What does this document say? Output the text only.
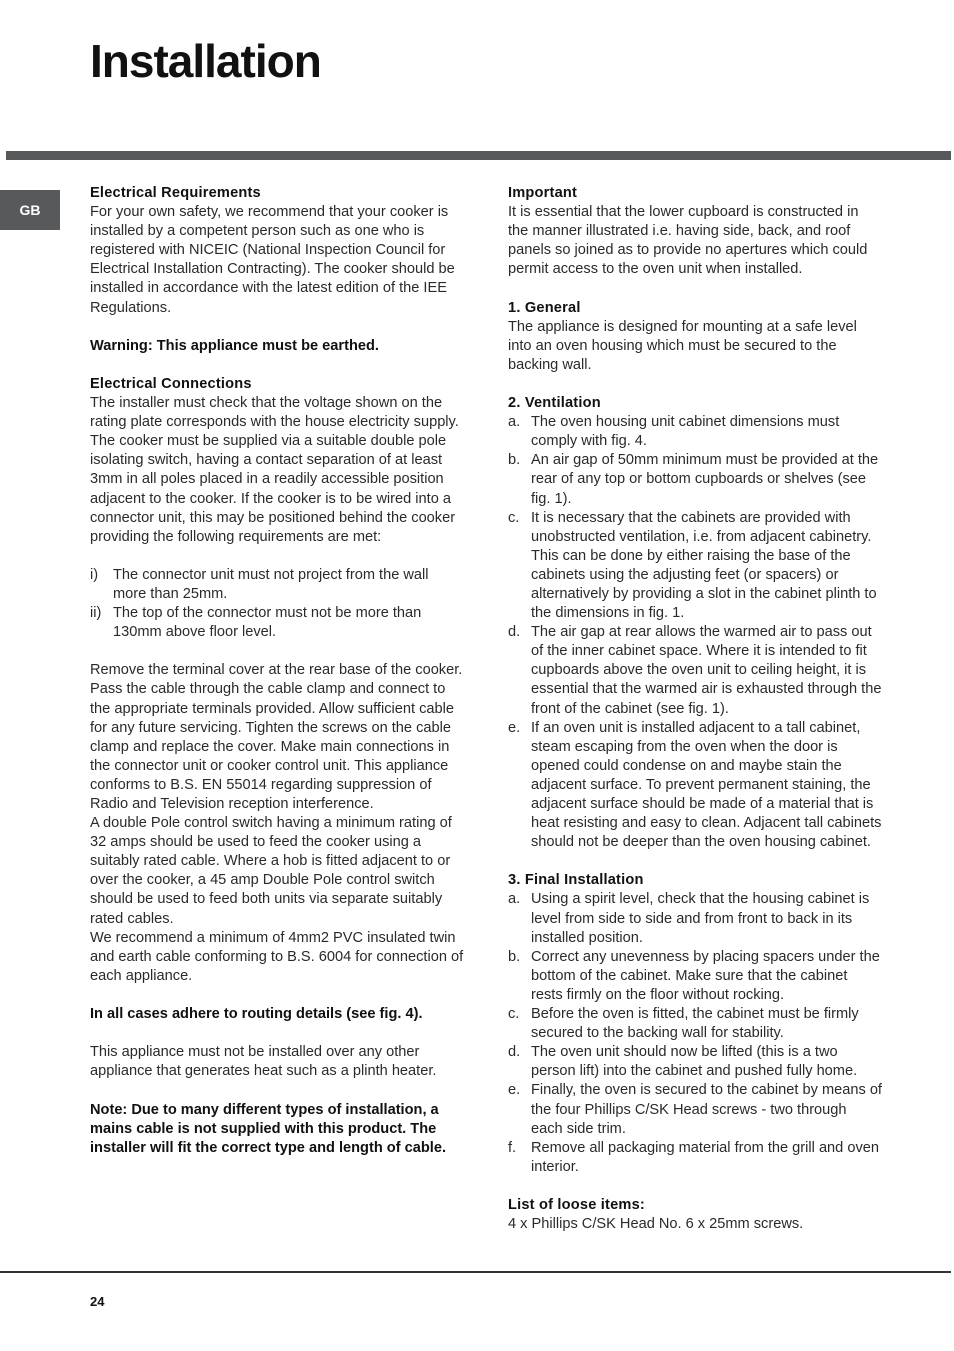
Installation
GB

Electrical Requirements

For your own safety, we recommend that your cooker is installed by a competent person such as one who is registered with NICEIC (National Inspection Council for Electrical Installation Contracting). The cooker should be installed in accordance with the latest edition of the IEE Regulations.

Warning: This appliance must be earthed.

Electrical Connections

The installer must check that the voltage shown on the rating plate corresponds with the house electricity supply. The cooker must be supplied via a suitable double pole isolating switch, having a contact separation of at least 3mm in all poles placed in a readily accessible position adjacent to the cooker. If the cooker is to be wired into a connector unit, this may be positioned behind the cooker providing the following requirements are met:

i)	The connector unit must not project from the wall more than 25mm.
ii) The top of the connector must not be more than 130mm above floor level.

Remove the terminal cover at the rear base of the cooker. Pass the cable through the cable clamp and connect to the appropriate terminals provided. Allow sufficient cable for any future servicing. Tighten the screws on the cable clamp and replace the cover. Make main connections in the connector unit or cooker control unit. This appliance conforms to B.S. EN 55014 regarding suppression of Radio and Television reception interference.

A double Pole control switch having a minimum rating of 32 amps should be used to feed the cooker using a suitably rated cable. Where a hob is fitted adjacent to or over the cooker, a 45 amp Double Pole control switch should be used to feed both units via separate suitably rated cables.

We recommend a minimum of 4mm2 PVC insulated twin and earth cable conforming to B.S. 6004 for connection of each appliance.

In all cases adhere to routing details (see fig. 4).

This appliance must not be installed over any other appliance that generates heat such as a plinth heater.

Note: Due to many different types of installation, a mains cable is not supplied with this product. The installer will fit the correct type and length of cable.

Important

It is essential that the lower cupboard is constructed in the manner illustrated i.e. having side, back, and roof panels so joined as to provide no apertures which could permit access to the oven unit when installed.

1. General

The appliance is designed for mounting at a safe level into an oven housing which must be secured to the backing wall.

2. Ventilation

a. The oven housing unit cabinet dimensions must comply with fig. 4.
b. An air gap of 50mm minimum must be provided at the rear of any top or bottom cupboards or shelves (see fig. 1).
c. It is necessary that the cabinets are provided with unobstructed ventilation, i.e. from adjacent cabinetry. This can be done by either raising the base of the cabinets using the adjusting feet (or spacers) or alternatively by providing a slot in the cabinet plinth to the dimensions in fig. 1.
d. The air gap at rear allows the warmed air to pass out of the inner cabinet space. Where it is intended to fit cupboards above the oven unit to ceiling height, it is essential that the warmed air is exhausted through the front of the cabinet (see fig. 1).
e. If an oven unit is installed adjacent to a tall cabinet, steam escaping from the oven when the door is opened could condense on and maybe stain the adjacent surface. To prevent permanent staining, the adjacent surface should be made of a material that is heat resisting and easy to clean. Adjacent tall cabinets should not be deeper than the oven housing cabinet.

3. Final Installation

a. Using a spirit level, check that the housing cabinet is level from side to side and from front to back in its installed position.
b. Correct any unevenness by placing spacers under the bottom of the cabinet. Make sure that the cabinet rests firmly on the floor without rocking.
c. Before the oven is fitted, the cabinet must be firmly secured to the backing wall for stability.
d. The oven unit should now be lifted (this is a two person lift) into the cabinet and pushed fully home.
e. Finally, the oven is secured to the cabinet by means of the four Phillips C/SK Head screws - two through each side trim.
f.	Remove all packaging material from the grill and oven interior.

List of loose items:

4 x Phillips C/SK Head No. 6 x 25mm screws.

24
